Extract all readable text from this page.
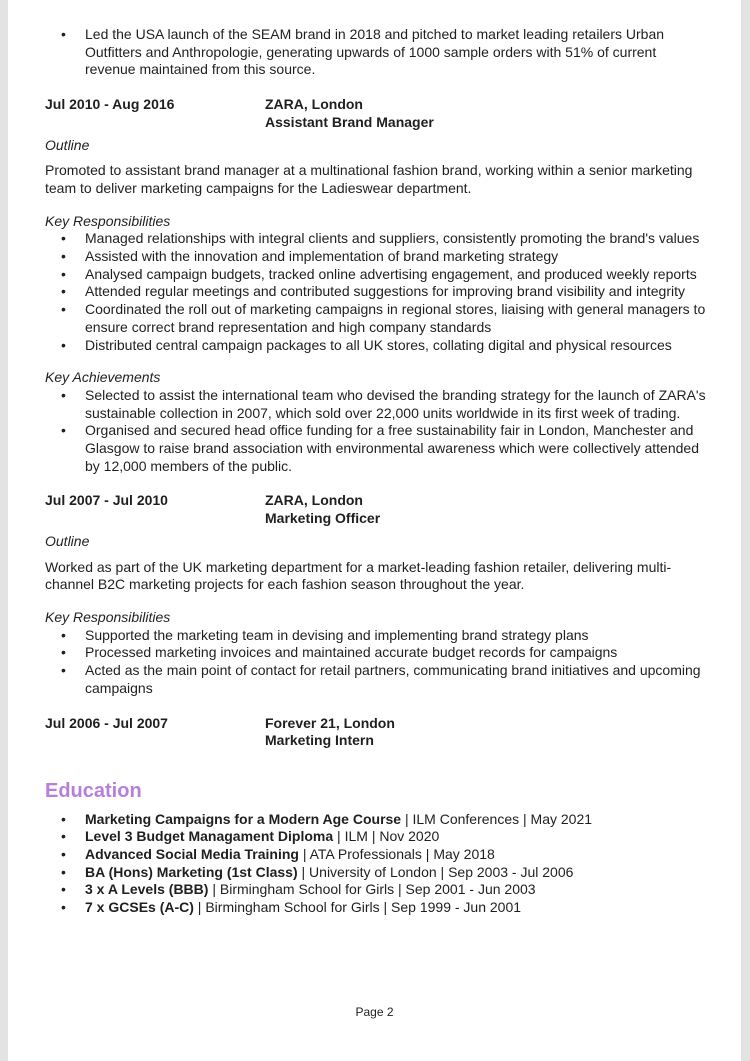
• Led the USA launch of the SEAM brand in 2018 and pitched to market leading retailers Urban Outfitters and Anthropologie, generating upwards of 1000 sample orders with 51% of current revenue maintained from this source.
Jul 2010 - Aug 2016	ZARA, London
Assistant Brand Manager
Outline
Promoted to assistant brand manager at a multinational fashion brand, working within a senior marketing team to deliver marketing campaigns for the Ladieswear department.
Key Responsibilities
• Managed relationships with integral clients and suppliers, consistently promoting the brand's values
• Assisted with the innovation and implementation of brand marketing strategy
• Analysed campaign budgets, tracked online advertising engagement, and produced weekly reports
• Attended regular meetings and contributed suggestions for improving brand visibility and integrity
• Coordinated the roll out of marketing campaigns in regional stores, liaising with general managers to ensure correct brand representation and high company standards
• Distributed central campaign packages to all UK stores, collating digital and physical resources
Key Achievements
• Selected to assist the international team who devised the branding strategy for the launch of ZARA's sustainable collection in 2007, which sold over 22,000 units worldwide in its first week of trading.
• Organised and secured head office funding for a free sustainability fair in London, Manchester and Glasgow to raise brand association with environmental awareness which were collectively attended by 12,000 members of the public.
Jul 2007 - Jul 2010	ZARA, London
Marketing Officer
Outline
Worked as part of the UK marketing department for a market-leading fashion retailer, delivering multi-channel B2C marketing projects for each fashion season throughout the year.
Key Responsibilities
• Supported the marketing team in devising and implementing brand strategy plans
• Processed marketing invoices and maintained accurate budget records for campaigns
• Acted as the main point of contact for retail partners, communicating brand initiatives and upcoming campaigns
Jul 2006 - Jul 2007	Forever 21, London
Marketing Intern
Education
• Marketing Campaigns for a Modern Age Course | ILM Conferences | May 2021
• Level 3 Budget Managament Diploma | ILM | Nov 2020
• Advanced Social Media Training | ATA Professionals | May 2018
• BA (Hons) Marketing (1st Class) | University of London | Sep 2003 - Jul 2006
• 3 x A Levels (BBB) | Birmingham School for Girls | Sep 2001 - Jun 2003
• 7 x GCSEs (A-C) | Birmingham School for Girls | Sep 1999 - Jun 2001
Page 2
